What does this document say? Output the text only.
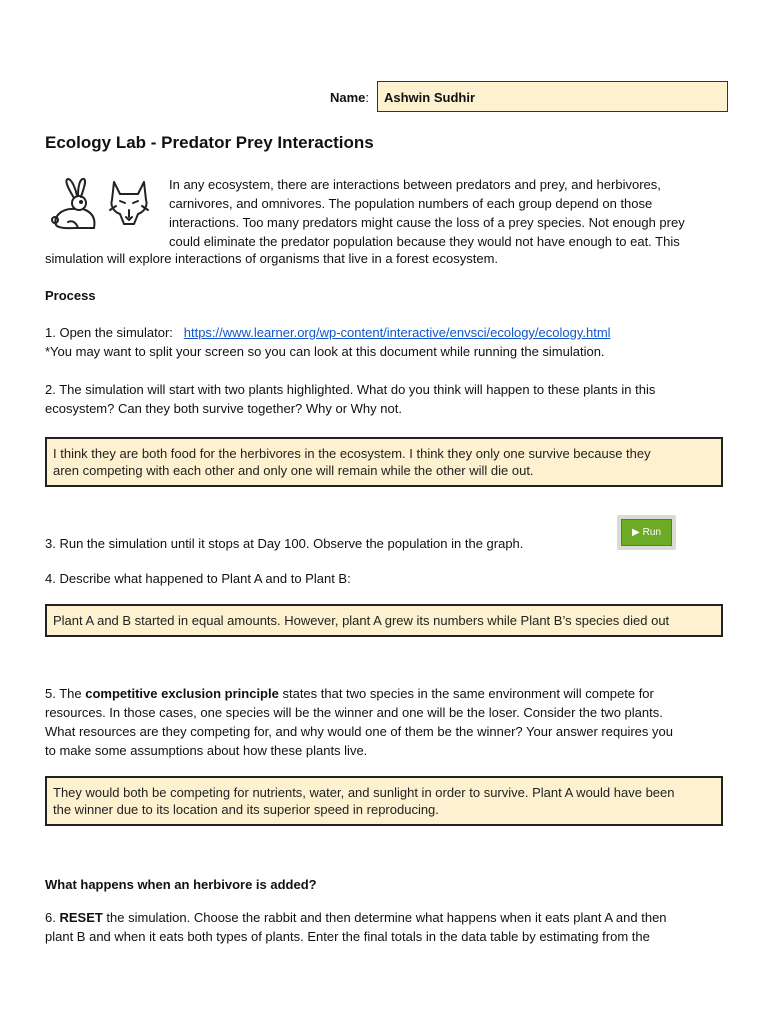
Name:	Ashwin Sudhir
Ecology Lab - Predator Prey Interactions
In any ecosystem, there are interactions between predators and prey, and herbivores,
carnivores, and omnivores. The population numbers of each group depend on those
interactions. Too many predators might cause the loss of a prey species. Not enough prey
could eliminate the predator population because they would not have enough to eat. This
simulation will explore interactions of organisms that live in a forest ecosystem.
Process
1. Open the simulator: https://www.learner.org/wp-content/interactive/envsci/ecology/ecology.html
*You may want to split your screen so you can look at this document while running the simulation.
2. The simulation will start with two plants highlighted. What do you think will happen to these plants in this
ecosystem? Can they both survive together? Why or Why not.
I think they are both food for the herbivores in the ecosystem. I think they only one survive because they
aren competing with each other and only one will remain while the other will die out.
3. Run the simulation until it stops at Day 100. Observe the population in the graph.
▶ Run
4. Describe what happened to Plant A and to Plant B:
Plant A and B started in equal amounts. However, plant A grew its numbers while Plant B’s species died out
5. The competitive exclusion principle states that two species in the same environment will compete for
resources. In those cases, one species will be the winner and one will be the loser. Consider the two plants.
What resources are they competing for, and why would one of them be the winner? Your answer requires you
to make some assumptions about how these plants live.
They would both be competing for nutrients, water, and sunlight in order to survive. Plant A would have been
the winner due to its location and its superior speed in reproducing.
What happens when an herbivore is added?
6. RESET the simulation. Choose the rabbit and then determine what happens when it eats plant A and then
plant B and when it eats both types of plants. Enter the final totals in the data table by estimating from the
